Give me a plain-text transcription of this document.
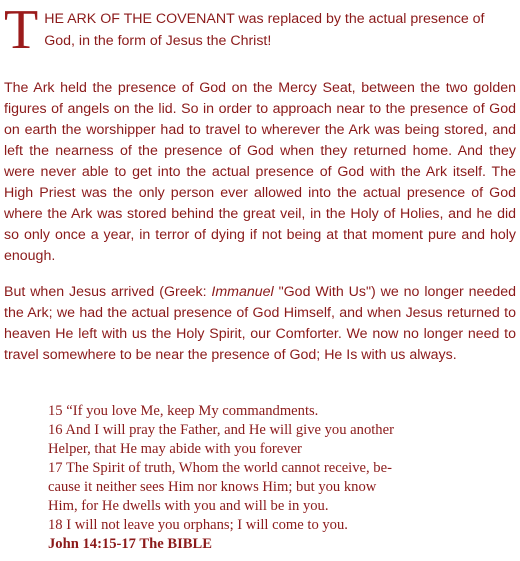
T HE ARK OF THE COVENANT was replaced by the actual presence of God, in the form of Jesus the Christ!

The Ark held the presence of God on the Mercy Seat, between the two golden figures of angels on the lid. So in order to approach near to the presence of God on earth the worshipper had to travel to wherever the Ark was being stored, and left the nearness of the presence of God when they returned home. And they were never able to get into the actual presence of God with the Ark itself. The High Priest was the only person ever allowed into the actual presence of God where the Ark was stored behind the great veil, in the Holy of Holies, and he did so only once a year, in terror of dying if not being at that moment pure and holy enough.

But when Jesus arrived (Greek: Immanuel "God With Us") we no longer needed the Ark; we had the actual presence of God Himself, and when Jesus returned to heaven He left with us the Holy Spirit, our Comforter. We now no longer need to travel somewhere to be near the presence of God; He Is with us always.

15 “If you love Me, keep My commandments.
16 And I will pray the Father, and He will give you another
Helper, that He may abide with you forever
17 The Spirit of truth, Whom the world cannot receive, be-
cause it neither sees Him nor knows Him; but you know
Him, for He dwells with you and will be in you.
18 I will not leave you orphans; I will come to you.
John 14:15-17 The BIBLE
